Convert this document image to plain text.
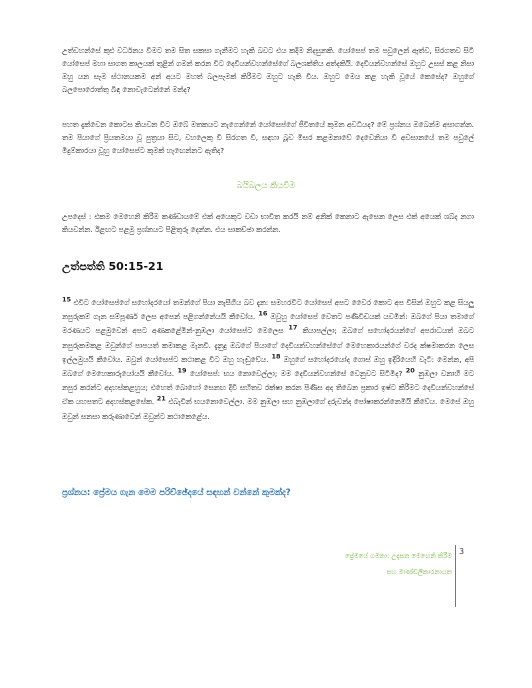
උත්වහන්සේ කුළු වර්ධනය වීමට තම සිත සකසා ගැනීමට හැකි බවට එය කදිම නිදසුනකි. යෝසෙප් තම පවුලෙන් ඈත්ව, සිරගතව සිටි යෝසෙප් මහා සාගත කාලයක් තුළින් ගමන් කරන විට දෙවියන්වහන්සේගේ බලශක්තිය අත්දකියි. දෙවියන්වහන්සේ ඔහුට උසස් කළ නිසා ඔහු යන සෑම ස්ථානයකම අන් අයට මහත් බලපෑමක් කිරීමට ඔහුට හැකි විය. ඔහුට මෙය කළ හැකි වූයේ කෙසේද? ඔහුගේ බලපොරොත්තු බිඳ නොවැටෙන්නේ මන්ද?

පහත දැක්වෙන කොටස කියවන විට ඔබේ මතකයට නැගෙන්නේ යෝසෙප්ගේ ජීවිතයේ කුමන අවධියද? මේ ප්‍රශ්නය ඔබෙන්ම අසාගන්න. තම පියාගේ ප්‍රියතමයා වූ පුත්‍රයා සිට, වහලෙකු වී සිරගත වී, සඳහා බූව මිසර කළමනාවේ දෙවෙනියා වී අවසානයේ තම පවුලේ මිදුම්කාරයා වූහු යෝසෙප්ට කුමක් හැඟෙන්නට ඇතිද?

බයිබලය කියවීම

උපදෙස් : එකම මෙහෙනි කිරීම කණ්ඩායමේ එක් අයෙකුට වඩා භාවිත කරයි නම් අනික් කෙනාට ඇසෙන ලෙස එක් අයෙක් ශබ්ද නගා කියවන්න. ඊළඟට පළමු ප්‍රශ්නයට පිළිතුරු දෙන්න. එය සාකච්ඡා කරන්න.

උත්පත්ති 50:15-21

$^{15}$ එවිට යෝසෙප්ගේ සහෝදරයෝ තමන්ගේ පියා නැසීගිය බව දැන: සමහරවිට යෝසෙප් අපට වෛර කොට අප විසින් ඔහුට කළ සියලු නපුරුකම් ගැන සම්පූර්ණ ලෙස අපෙන් පළිගන්නේයයි කීවෝය. $^{16}$ ඔවුහු යෝසෙප් වෙතට පණිවිඩයක් යවමින්: ඔබගේ පියා තමාගේ මරණයට පළමුවෙන් අපට අණකළේමින්-නුඹලා යෝසෙප්ට මෙලෙස $^{17}$ කියාපල්ලා; ඔබගේ සහෝදරයන්ගේ අපරාධයත් ඔබට නපුරුකමකළ ඔවුන්ගේ පාපයත් කමාකළ මැනවි. දැනුදු ඔබගේ පියාගේ දෙවියන්වහන්සේගේ මෙහෙකාරයන්ගේ වරද ක්ෂමාකරන ලෙස ඉල්ලමුයයි කීවෝය. ඔවුන් යෝසෙප්ට කථාකළ විට ඔහු හැඬුවේය. $^{18}$ ඔහුගේ සහෝදරයෝද ගොස් ඔහු ඉදිරියෙහි වැටී: මෙන්න, අපි ඔබගේ මෙහෙකාරුයෝයයි කීවෝය. $^{19}$ යෝසෙප්: භය නොවෙල්ලා; මම දෙවියන්වහන්සේ වෙනුවට සිටිමිද? $^{20}$ නුඹලා වනාහි මට නපුර කරන්ට අදහස්කළහුය; එහෙත් බොහෝ සෙනඟ දිවි සහිතව රක්ෂා කරන පිණිස අද තිබෙන ප්‍රකාර ඉෂ්ට කිරීමට දෙවියන්වහන්සේ ඒක යහපතට අදහස්කළසේක. $^{21}$ එබැවින් භයනොවෙල්ලා. මම නුඹලා සහ නුඹලාගේ දරුවන්ද පෝෂාකරන්නෙමියි කීවේය. මෙසේ ඔහු ඔවුන් සනසා කරුණාවෙන් ඔවුන්ට කථාකෙළේය.

ප්‍රශ්නය: ප්‍රේමය ගැන මෙම පරිච්ඡේදයේ සඳහන් වන්නේ කුමක්ද?

ප්‍රේමයේ ගමනා: උදැසන මෙහෙනි කිරීම
සහ මාණ්ඩලිකාරනායක
3
